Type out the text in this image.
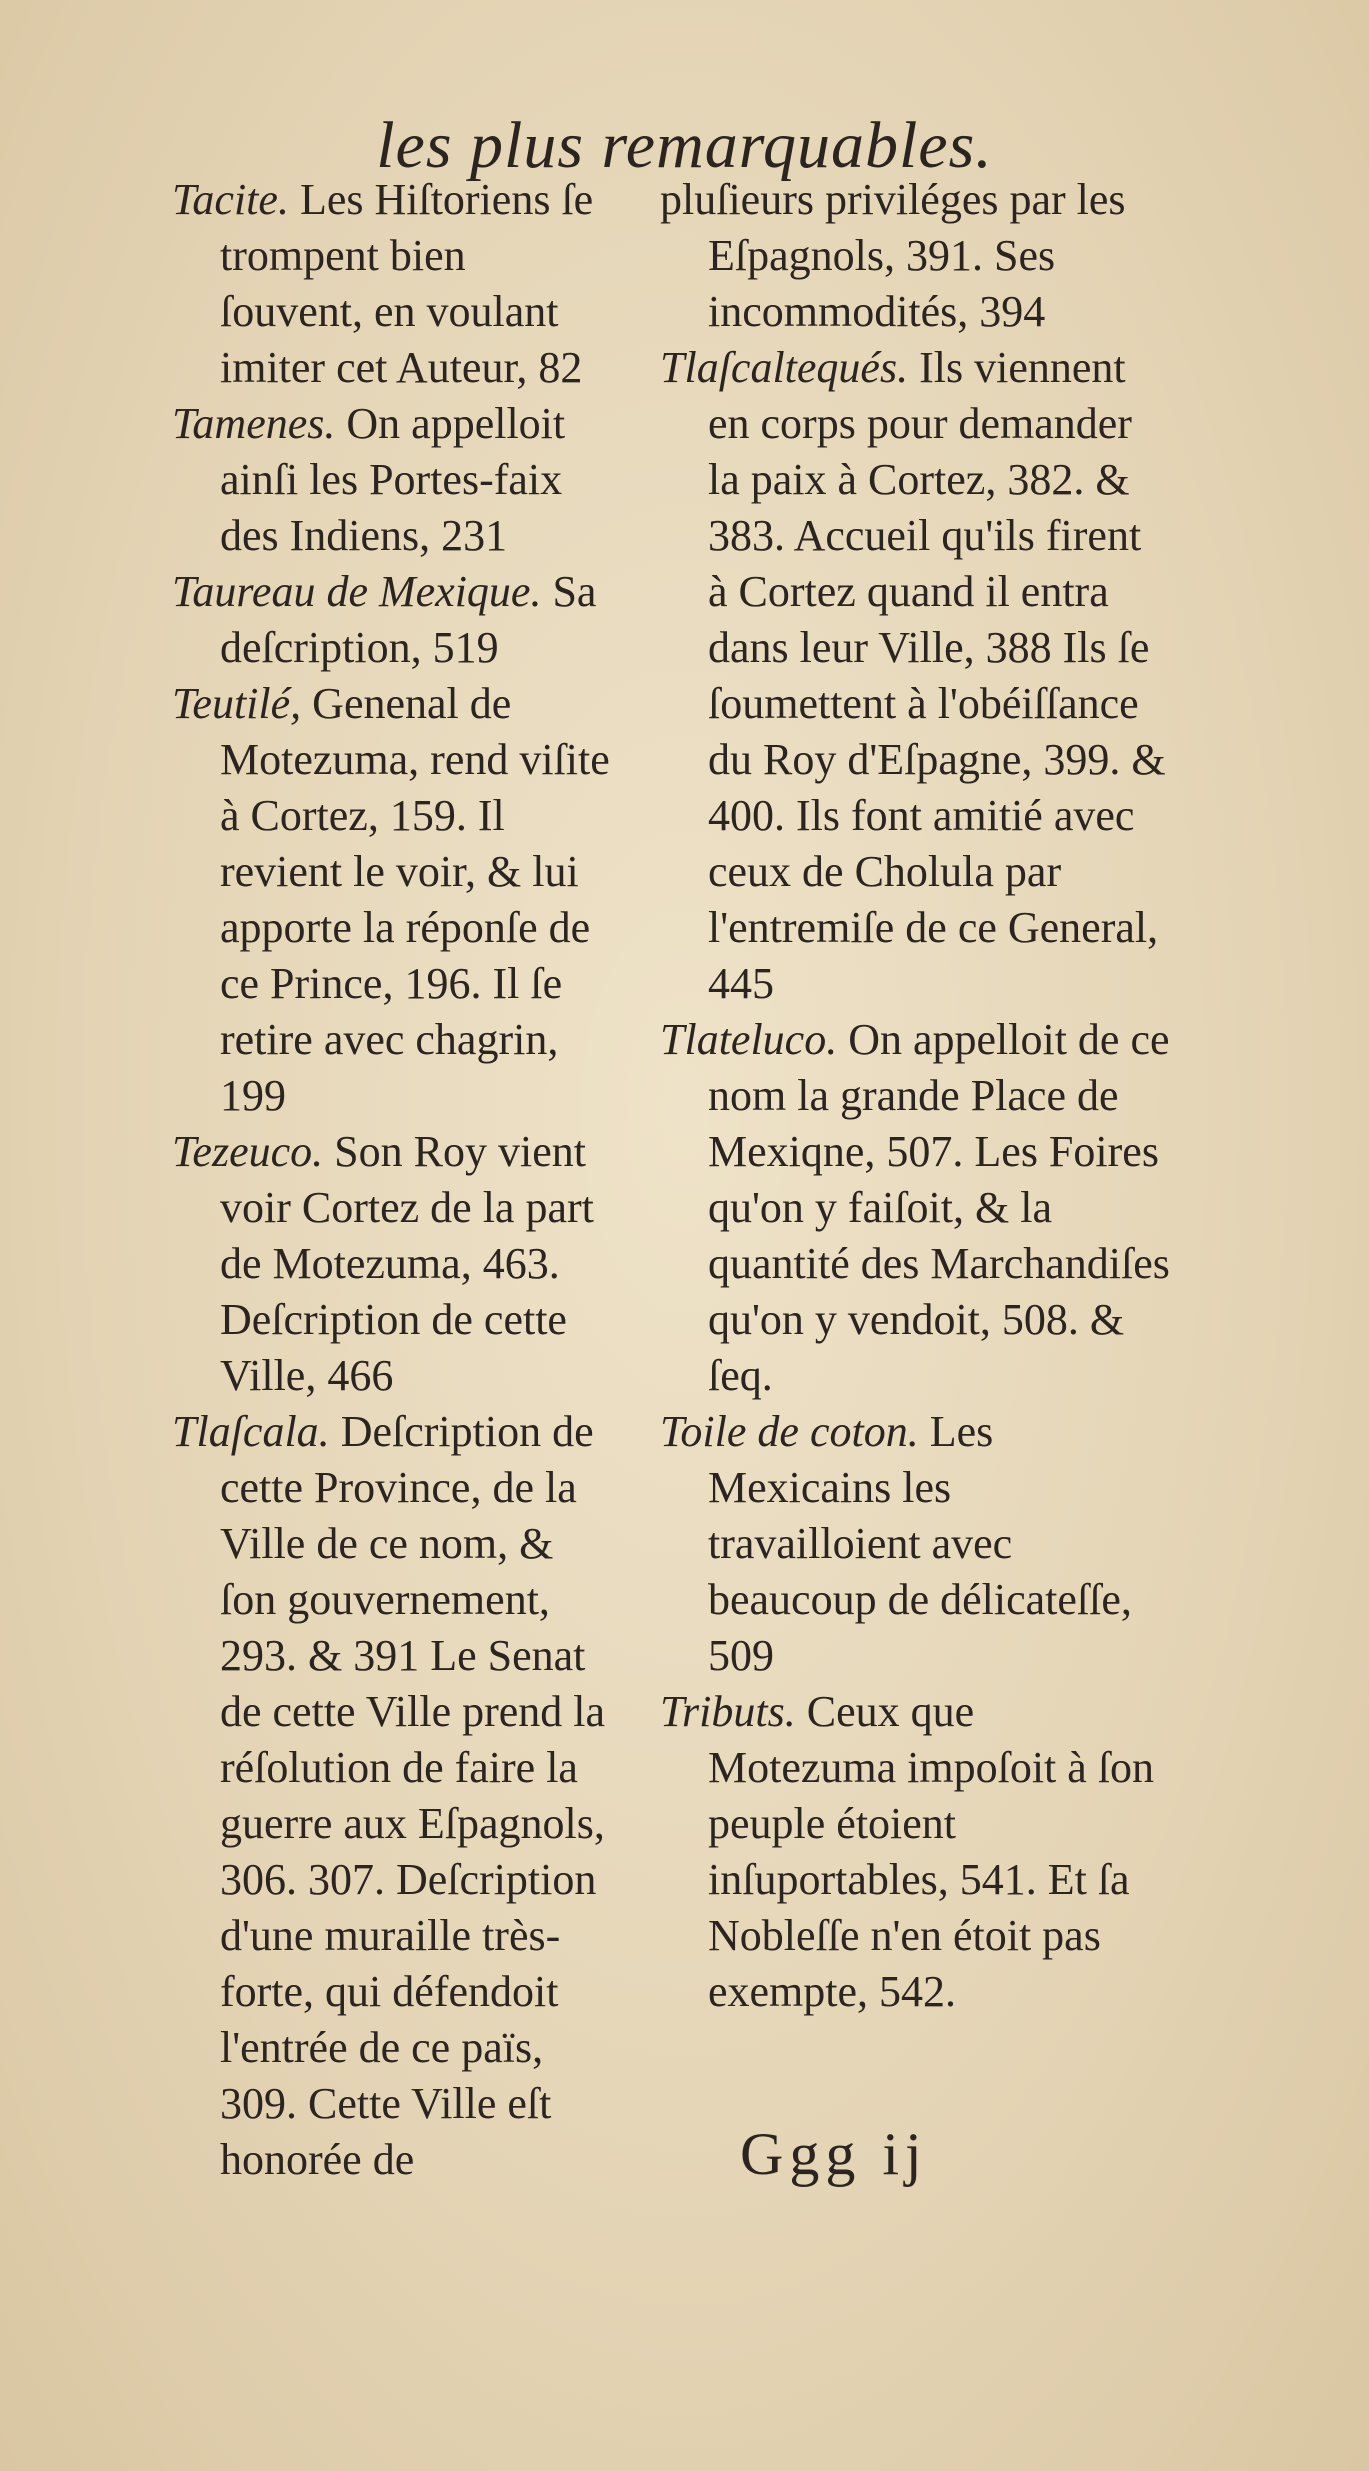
les plus remarquables.
Tacite. Les Hiſtoriens ſe trompent bien ſouvent, en voulant imiter cet Auteur, 82
Tamenes. On appelloit ainſi les Portes-faix des Indiens, 231
Taureau de Mexique. Sa deſcription, 519
Teutilé, Genenal de Motezuma, rend viſite à Cortez, 159. Il revient le voir, & lui apporte la réponſe de ce Prince, 196. Il ſe retire avec chagrin, 199
Tezeuco. Son Roy vient voir Cortez de la part de Motezuma, 463. Deſcription de cette Ville, 466
Tlaſcala. Deſcription de cette Province, de la Ville de ce nom, & ſon gouvernement, 293. & 391 Le Senat de cette Ville prend la réſolution de faire la guerre aux Eſpagnols, 306. 307. Deſcription d'une muraille très-forte, qui défendoit l'entrée de ce païs, 309. Cette Ville eſt honorée de
pluſieurs priviléges par les Eſpagnols, 391. Ses incommodités, 394
Tlaſcaltequés. Ils viennent en corps pour demander la paix à Cortez, 382. & 383. Accueil qu'ils firent à Cortez quand il entra dans leur Ville, 388 Ils ſe ſoumettent à l'obéiſſance du Roy d'Eſpagne, 399. & 400. Ils font amitié avec ceux de Cholula par l'entremiſe de ce General, 445
Tlateluco. On appelloit de ce nom la grande Place de Mexiqne, 507. Les Foires qu'on y faiſoit, & la quantité des Marchandiſes qu'on y vendoit, 508. & ſeq.
Toile de coton. Les Mexicains les travailloient avec beaucoup de délicateſſe, 509
Tributs. Ceux que Motezuma impoſoit à ſon peuple étoient inſuportables, 541. Et ſa Nobleſſe n'en étoit pas exempte, 542.
Ggg ij
